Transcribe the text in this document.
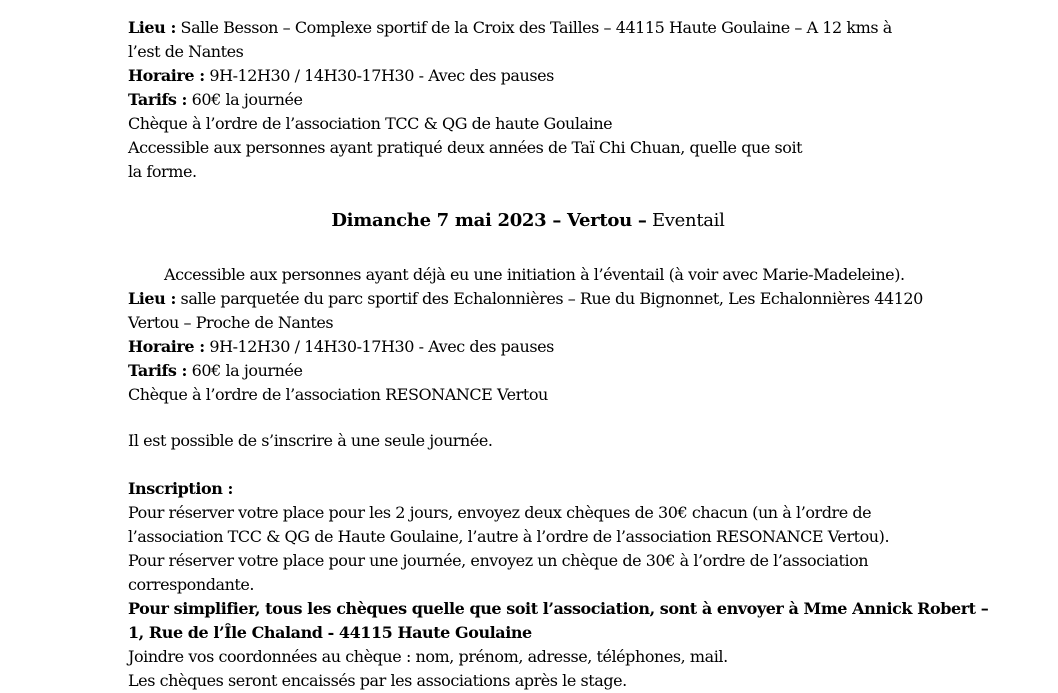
Lieu : Salle Besson – Complexe sportif de la Croix des Tailles – 44115 Haute Goulaine – A 12 kms à
l’est de Nantes
Horaire : 9H-12H30 / 14H30-17H30 - Avec des pauses
Tarifs : 60€ la journée
Chèque à l’ordre de l’association TCC & QG de haute Goulaine
Accessible aux personnes ayant pratiqué deux années de Taï Chi Chuan, quelle que soit
la forme.
Dimanche 7 mai 2023 – Vertou – Eventail
Accessible aux personnes ayant déjà eu une initiation à l’éventail (à voir avec Marie-Madeleine).
Lieu : salle parquetée du parc sportif des Echalonnières – Rue du Bignonnet, Les Echalonnières 44120
Vertou – Proche de Nantes
Horaire : 9H-12H30 / 14H30-17H30 - Avec des pauses
Tarifs : 60€ la journée
Chèque à l’ordre de l’association RESONANCE Vertou
Il est possible de s’inscrire à une seule journée.
Inscription :
Pour réserver votre place pour les 2 jours, envoyez deux chèques de 30€ chacun (un à l’ordre de
l’association TCC & QG de Haute Goulaine, l’autre à l’ordre de l’association RESONANCE Vertou).
Pour réserver votre place pour une journée, envoyez un chèque de 30€ à l’ordre de l’association
correspondante.
Pour simplifier, tous les chèques quelle que soit l’association, sont à envoyer à Mme Annick Robert –
1, Rue de l’Île Chaland - 44115 Haute Goulaine
Joindre vos coordonnées au chèque : nom, prénom, adresse, téléphones, mail.
Les chèques seront encaissés par les associations après le stage.
